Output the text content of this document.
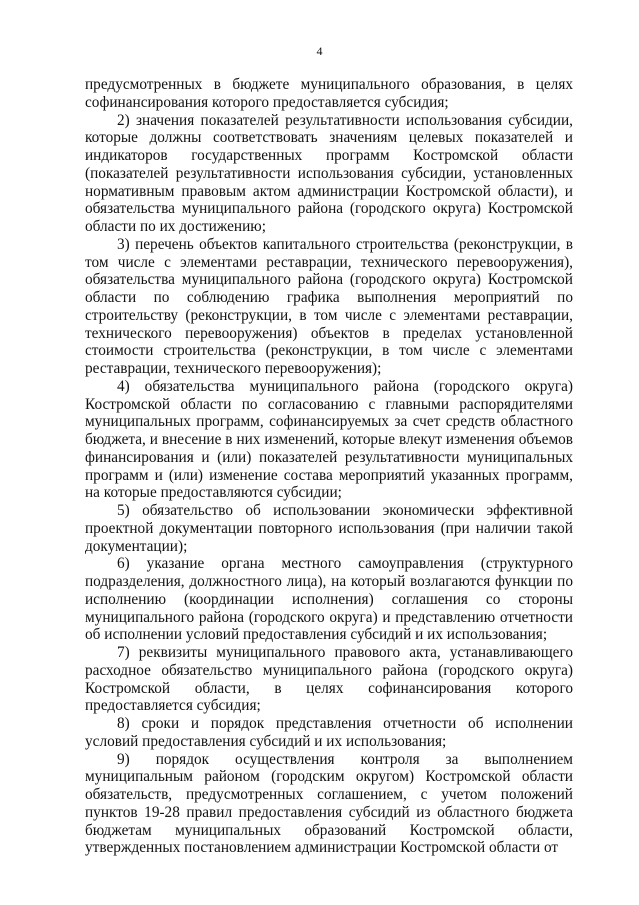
4

предусмотренных в бюджете муниципального образования, в целях софинансирования которого предоставляется субсидия;

2) значения показателей результативности использования субсидии, которые должны соответствовать значениям целевых показателей и индикаторов государственных программ Костромской области (показателей результативности использования субсидии, установленных нормативным правовым актом администрации Костромской области), и обязательства муниципального района (городского округа) Костромской области по их достижению;

3) перечень объектов капитального строительства (реконструкции, в том числе с элементами реставрации, технического перевооружения), обязательства муниципального района (городского округа) Костромской области по соблюдению графика выполнения мероприятий по строительству (реконструкции, в том числе с элементами реставрации, технического перевооружения) объектов в пределах установленной стоимости строительства (реконструкции, в том числе с элементами реставрации, технического перевооружения);

4) обязательства муниципального района (городского округа) Костромской области по согласованию с главными распорядителями муниципальных программ, софинансируемых за счет средств областного бюджета, и внесение в них изменений, которые влекут изменения объемов финансирования и (или) показателей результативности муниципальных программ и (или) изменение состава мероприятий указанных программ, на которые предоставляются субсидии;

5) обязательство об использовании экономически эффективной проектной документации повторного использования (при наличии такой документации);

6) указание органа местного самоуправления (структурного подразделения, должностного лица), на который возлагаются функции по исполнению (координации исполнения) соглашения со стороны муниципального района (городского округа) и представлению отчетности об исполнении условий предоставления субсидий и их использования;

7) реквизиты муниципального правового акта, устанавливающего расходное обязательство муниципального района (городского округа) Костромской области, в целях софинансирования которого предоставляется субсидия;

8) сроки и порядок представления отчетности об исполнении условий предоставления субсидий и их использования;

9) порядок осуществления контроля за выполнением муниципальным районом (городским округом) Костромской области обязательств, предусмотренных соглашением, с учетом положений пунктов 19-28 правил предоставления субсидий из областного бюджета бюджетам муниципальных образований Костромской области, утвержденных постановлением администрации Костромской области от
